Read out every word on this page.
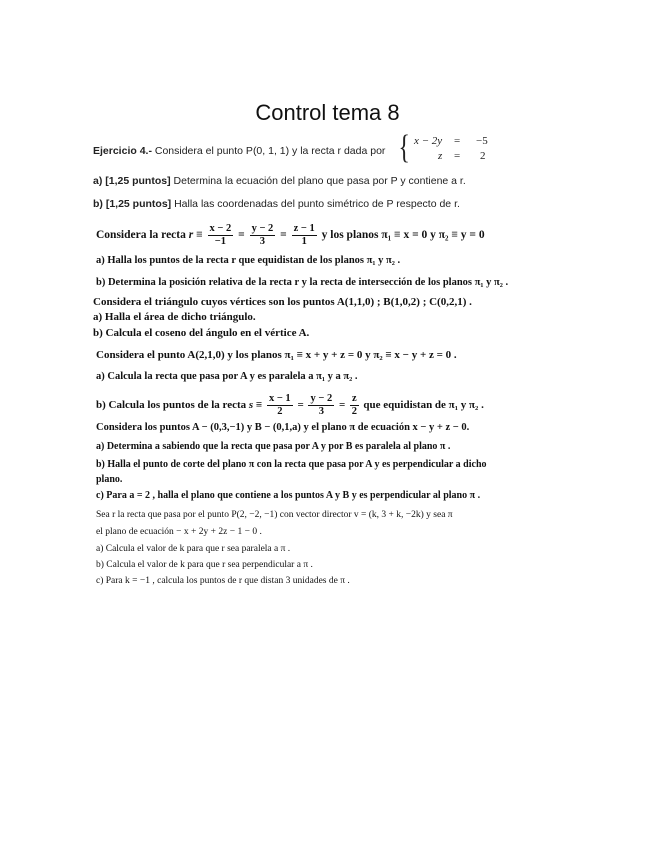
Control tema 8
Ejercicio 4.- Considera el punto P(0, 1, 1) y la recta r dada por { x − 2y = −5
z = 2
a) [1,25 puntos] Determina la ecuación del plano que pasa por P y contiene a r.
b) [1,25 puntos] Halla las coordenadas del punto simétrico de P respecto de r.
Considera la recta $r \equiv \frac{x - 2}{-1} = \frac{y - 2}{3} = \frac{z - 1}{1}$ y los planos π₁ ≡ x = 0 y π₂ ≡ y = 0
a) Halla los puntos de la recta r que equidistan de los planos π₁ y π₂ .
b) Determina la posición relativa de la recta r y la recta de intersección de los planos π₁ y π₂ .
Considera el triángulo cuyos vértices son los puntos A(1,1,0) ; B(1,0,2) ; C(0,2,1) .
a) Halla el área de dicho triángulo.
b) Calcula el coseno del ángulo en el vértice A.
Considera el punto A(2,1,0) y los planos π₁ ≡ x + y + z = 0 y π₂ ≡ x − y + z = 0 .
a) Calcula la recta que pasa por A y es paralela a π₁ y a π₂ .
b) Calcula los puntos de la recta $s \equiv \frac{x - 1}{2} = \frac{y - 2}{3} = \frac{z}{2}$ que equidistan de π₁ y π₂ .
Considera los puntos A − (0,3,−1) y B − (0,1,a) y el plano π de ecuación x − y + z − 0.
a) Determina a sabiendo que la recta que pasa por A y por B es paralela al plano π .
b) Halla el punto de corte del plano π con la recta que pasa por A y es perpendicular a dicho
plano.
c) Para a = 2 , halla el plano que contiene a los puntos A y B y es perpendicular al plano π .
Sea r la recta que pasa por el punto P(2, −2, −1) con vector director v = (k, 3 + k, −2k) y sea π
el plano de ecuación − x + 2y + 2z − 1 − 0 .
a) Calcula el valor de k para que r sea paralela a π .
b) Calcula el valor de k para que r sea perpendicular a π .
c) Para k = −1 , calcula los puntos de r que distan 3 unidades de π .
